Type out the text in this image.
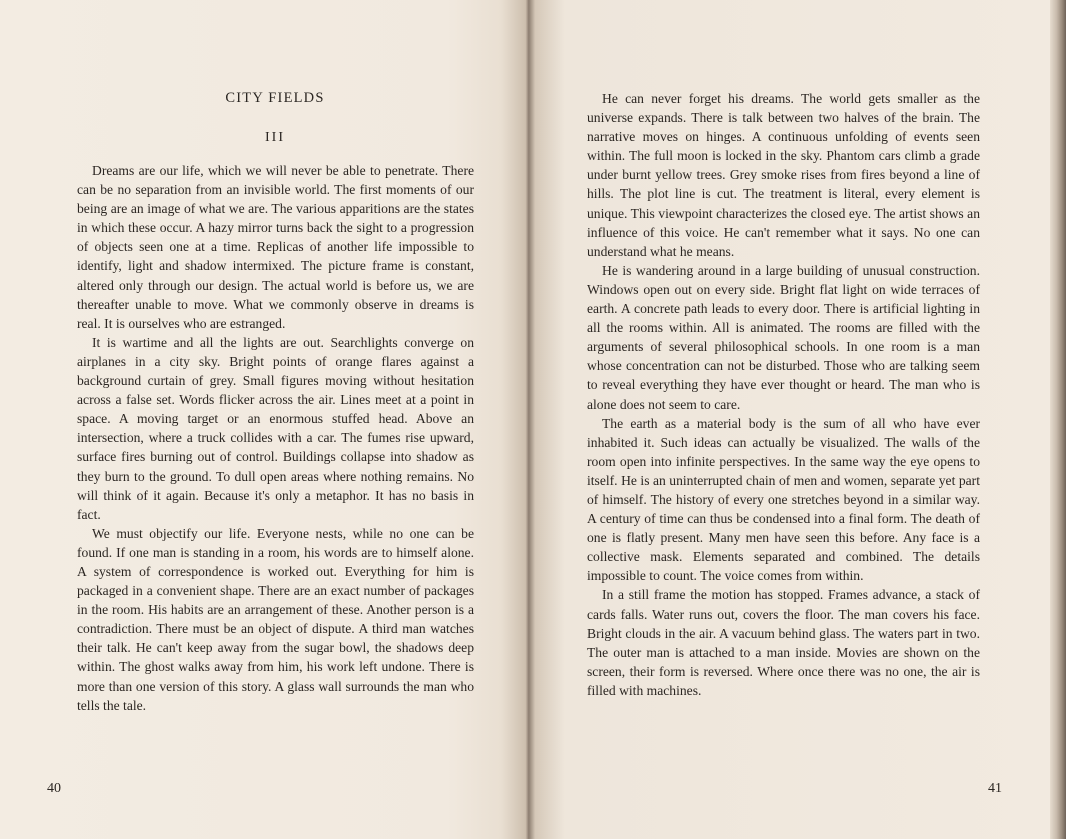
CITY FIELDS
III

Dreams are our life, which we will never be able to penetrate. There can be no separation from an invisible world. The first moments of our being are an image of what we are. The various apparitions are the states in which these occur. A hazy mirror turns back the sight to a progression of objects seen one at a time. Replicas of another life impossible to identify, light and shadow intermixed. The picture frame is constant, altered only through our design. The actual world is before us, we are thereafter unable to move. What we commonly observe in dreams is real. It is ourselves who are estranged.

It is wartime and all the lights are out. Searchlights converge on airplanes in a city sky. Bright points of orange flares against a background curtain of grey. Small figures moving without hesitation across a false set. Words flicker across the air. Lines meet at a point in space. A moving target or an enormous stuffed head. Above an intersection, where a truck collides with a car. The fumes rise upward, surface fires burning out of control. Buildings collapse into shadow as they burn to the ground. To dull open areas where nothing remains. No will think of it again. Because it's only a metaphor. It has no basis in fact.

We must objectify our life. Everyone nests, while no one can be found. If one man is standing in a room, his words are to himself alone. A system of correspondence is worked out. Everything for him is packaged in a convenient shape. There are an exact number of packages in the room. His habits are an arrangement of these. Another person is a contradiction. There must be an object of dispute. A third man watches their talk. He can't keep away from the sugar bowl, the shadows deep within. The ghost walks away from him, his work left undone. There is more than one version of this story. A glass wall surrounds the man who tells the tale.

40

He can never forget his dreams. The world gets smaller as the universe expands. There is talk between two halves of the brain. The narrative moves on hinges. A continuous unfolding of events seen within. The full moon is locked in the sky. Phantom cars climb a grade under burnt yellow trees. Grey smoke rises from fires beyond a line of hills. The plot line is cut. The treatment is literal, every element is unique. This viewpoint characterizes the closed eye. The artist shows an influence of this voice. He can't remember what it says. No one can understand what he means.

He is wandering around in a large building of unusual construction. Windows open out on every side. Bright flat light on wide terraces of earth. A concrete path leads to every door. There is artificial lighting in all the rooms within. All is animated. The rooms are filled with the arguments of several philosophical schools. In one room is a man whose concentration can not be disturbed. Those who are talking seem to reveal everything they have ever thought or heard. The man who is alone does not seem to care.

The earth as a material body is the sum of all who have ever inhabited it. Such ideas can actually be visualized. The walls of the room open into infinite perspectives. In the same way the eye opens to itself. He is an uninterrupted chain of men and women, separate yet part of himself. The history of every one stretches beyond in a similar way. A century of time can thus be condensed into a final form. The death of one is flatly present. Many men have seen this before. Any face is a collective mask. Elements separated and combined. The details impossible to count. The voice comes from within.

In a still frame the motion has stopped. Frames advance, a stack of cards falls. Water runs out, covers the floor. The man covers his face. Bright clouds in the air. A vacuum behind glass. The waters part in two. The outer man is attached to a man inside. Movies are shown on the screen, their form is reversed. Where once there was no one, the air is filled with machines.

41
